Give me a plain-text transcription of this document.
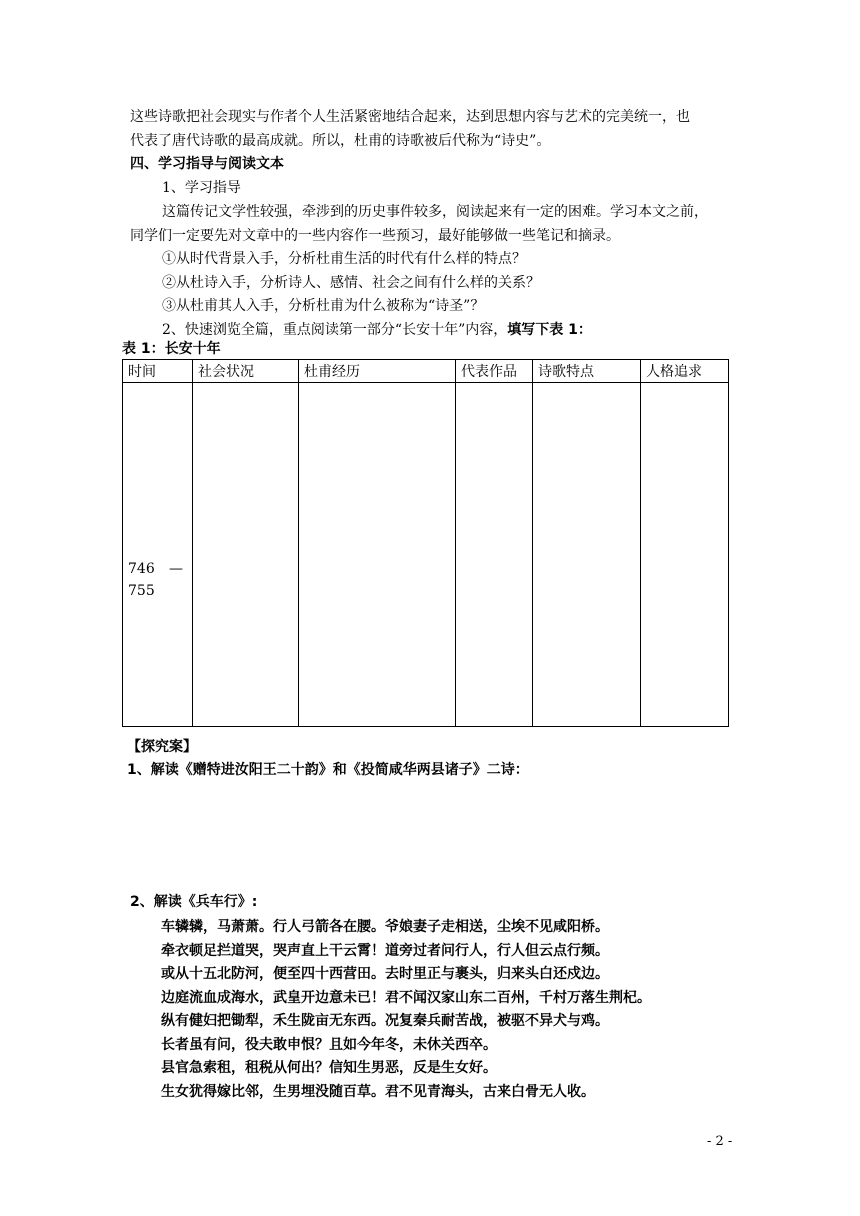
这些诗歌把社会现实与作者个人生活紧密地结合起来，达到思想内容与艺术的完美统一，也
代表了唐代诗歌的最高成就。所以，杜甫的诗歌被后代称为“诗史”。
四、学习指导与阅读文本
1、学习指导
这篇传记文学性较强，牵涉到的历史事件较多，阅读起来有一定的困难。学习本文之前，
同学们一定要先对文章中的一些内容作一些预习，最好能够做一些笔记和摘录。
①从时代背景入手，分析杜甫生活的时代有什么样的特点？
②从杜诗入手，分析诗人、感情、社会之间有什么样的关系？
③从杜甫其人入手，分析杜甫为什么被称为“诗圣”？
2、快速浏览全篇，重点阅读第一部分“长安十年”内容，填写下表 1：
表 1：长安十年
时间	社会状况	杜甫经历	代表作品	诗歌特点	人格追求

746 —
755					

【探究案】
1、解读《赠特进汝阳王二十韵》和《投简咸华两县诸子》二诗：
2、解读《兵车行》:
车辚辚，马萧萧。行人弓箭各在腰。爷娘妻子走相送，尘埃不见咸阳桥。
牵衣顿足拦道哭，哭声直上干云霄！道旁过者问行人，行人但云点行频。
或从十五北防河，便至四十西营田。去时里正与裹头，归来头白还戍边。
边庭流血成海水，武皇开边意未已！君不闻汉家山东二百州，千村万落生荆杞。
纵有健妇把锄犁，禾生陇亩无东西。况复秦兵耐苦战，被驱不异犬与鸡。
长者虽有问，役夫敢申恨？且如今年冬，未休关西卒。
县官急索租，租税从何出？信知生男恶，反是生女好。
生女犹得嫁比邻，生男埋没随百草。君不见青海头，古来白骨无人收。
- 2 -
